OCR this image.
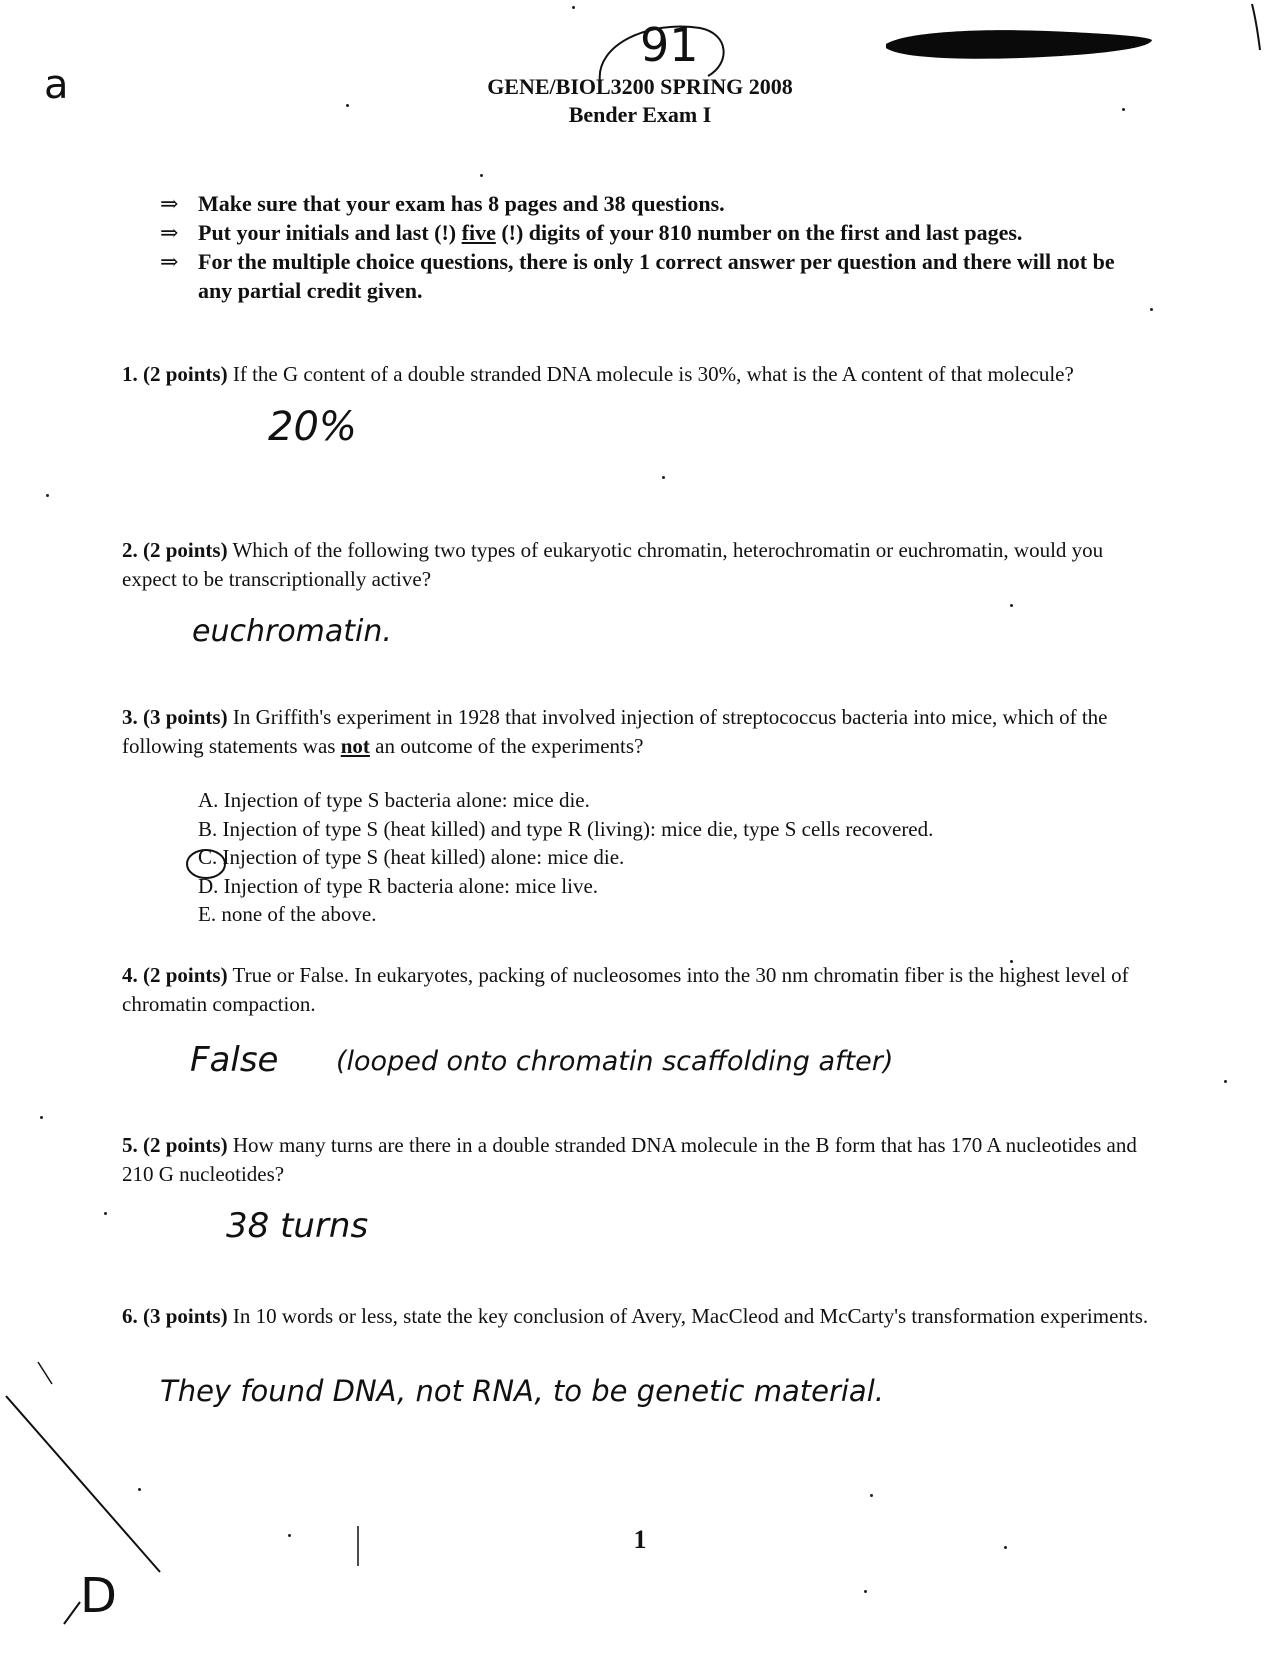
a	GENE/BIOL3200 SPRING 2008
Bender Exam I
91
⇒ Make sure that your exam has 8 pages and 38 questions.
⇒ Put your initials and last (!) five (!) digits of your 810 number on the first and last pages.
⇒ For the multiple choice questions, there is only 1 correct answer per question and there will not be any partial credit given.
1. (2 points) If the G content of a double stranded DNA molecule is 30%, what is the A content of that molecule?
20%
2. (2 points) Which of the following two types of eukaryotic chromatin, heterochromatin or euchromatin, would you expect to be transcriptionally active?
euchromatin.
3. (3 points) In Griffith's experiment in 1928 that involved injection of streptococcus bacteria into mice, which of the following statements was not an outcome of the experiments?
A. Injection of type S bacteria alone: mice die.
B. Injection of type S (heat killed) and type R (living): mice die, type S cells recovered.
C. Injection of type S (heat killed) alone: mice die.
D. Injection of type R bacteria alone: mice live.
E. none of the above.
4. (2 points) True or False. In eukaryotes, packing of nucleosomes into the 30 nm chromatin fiber is the highest level of chromatin compaction.
False (looped onto chromatin scaffolding after)
5. (2 points) How many turns are there in a double stranded DNA molecule in the B form that has 170 A nucleotides and 210 G nucleotides?
38 turns
6. (3 points) In 10 words or less, state the key conclusion of Avery, MacCleod and McCarty's transformation experiments.
They found DNA, not RNA, to be genetic material.
D
1
